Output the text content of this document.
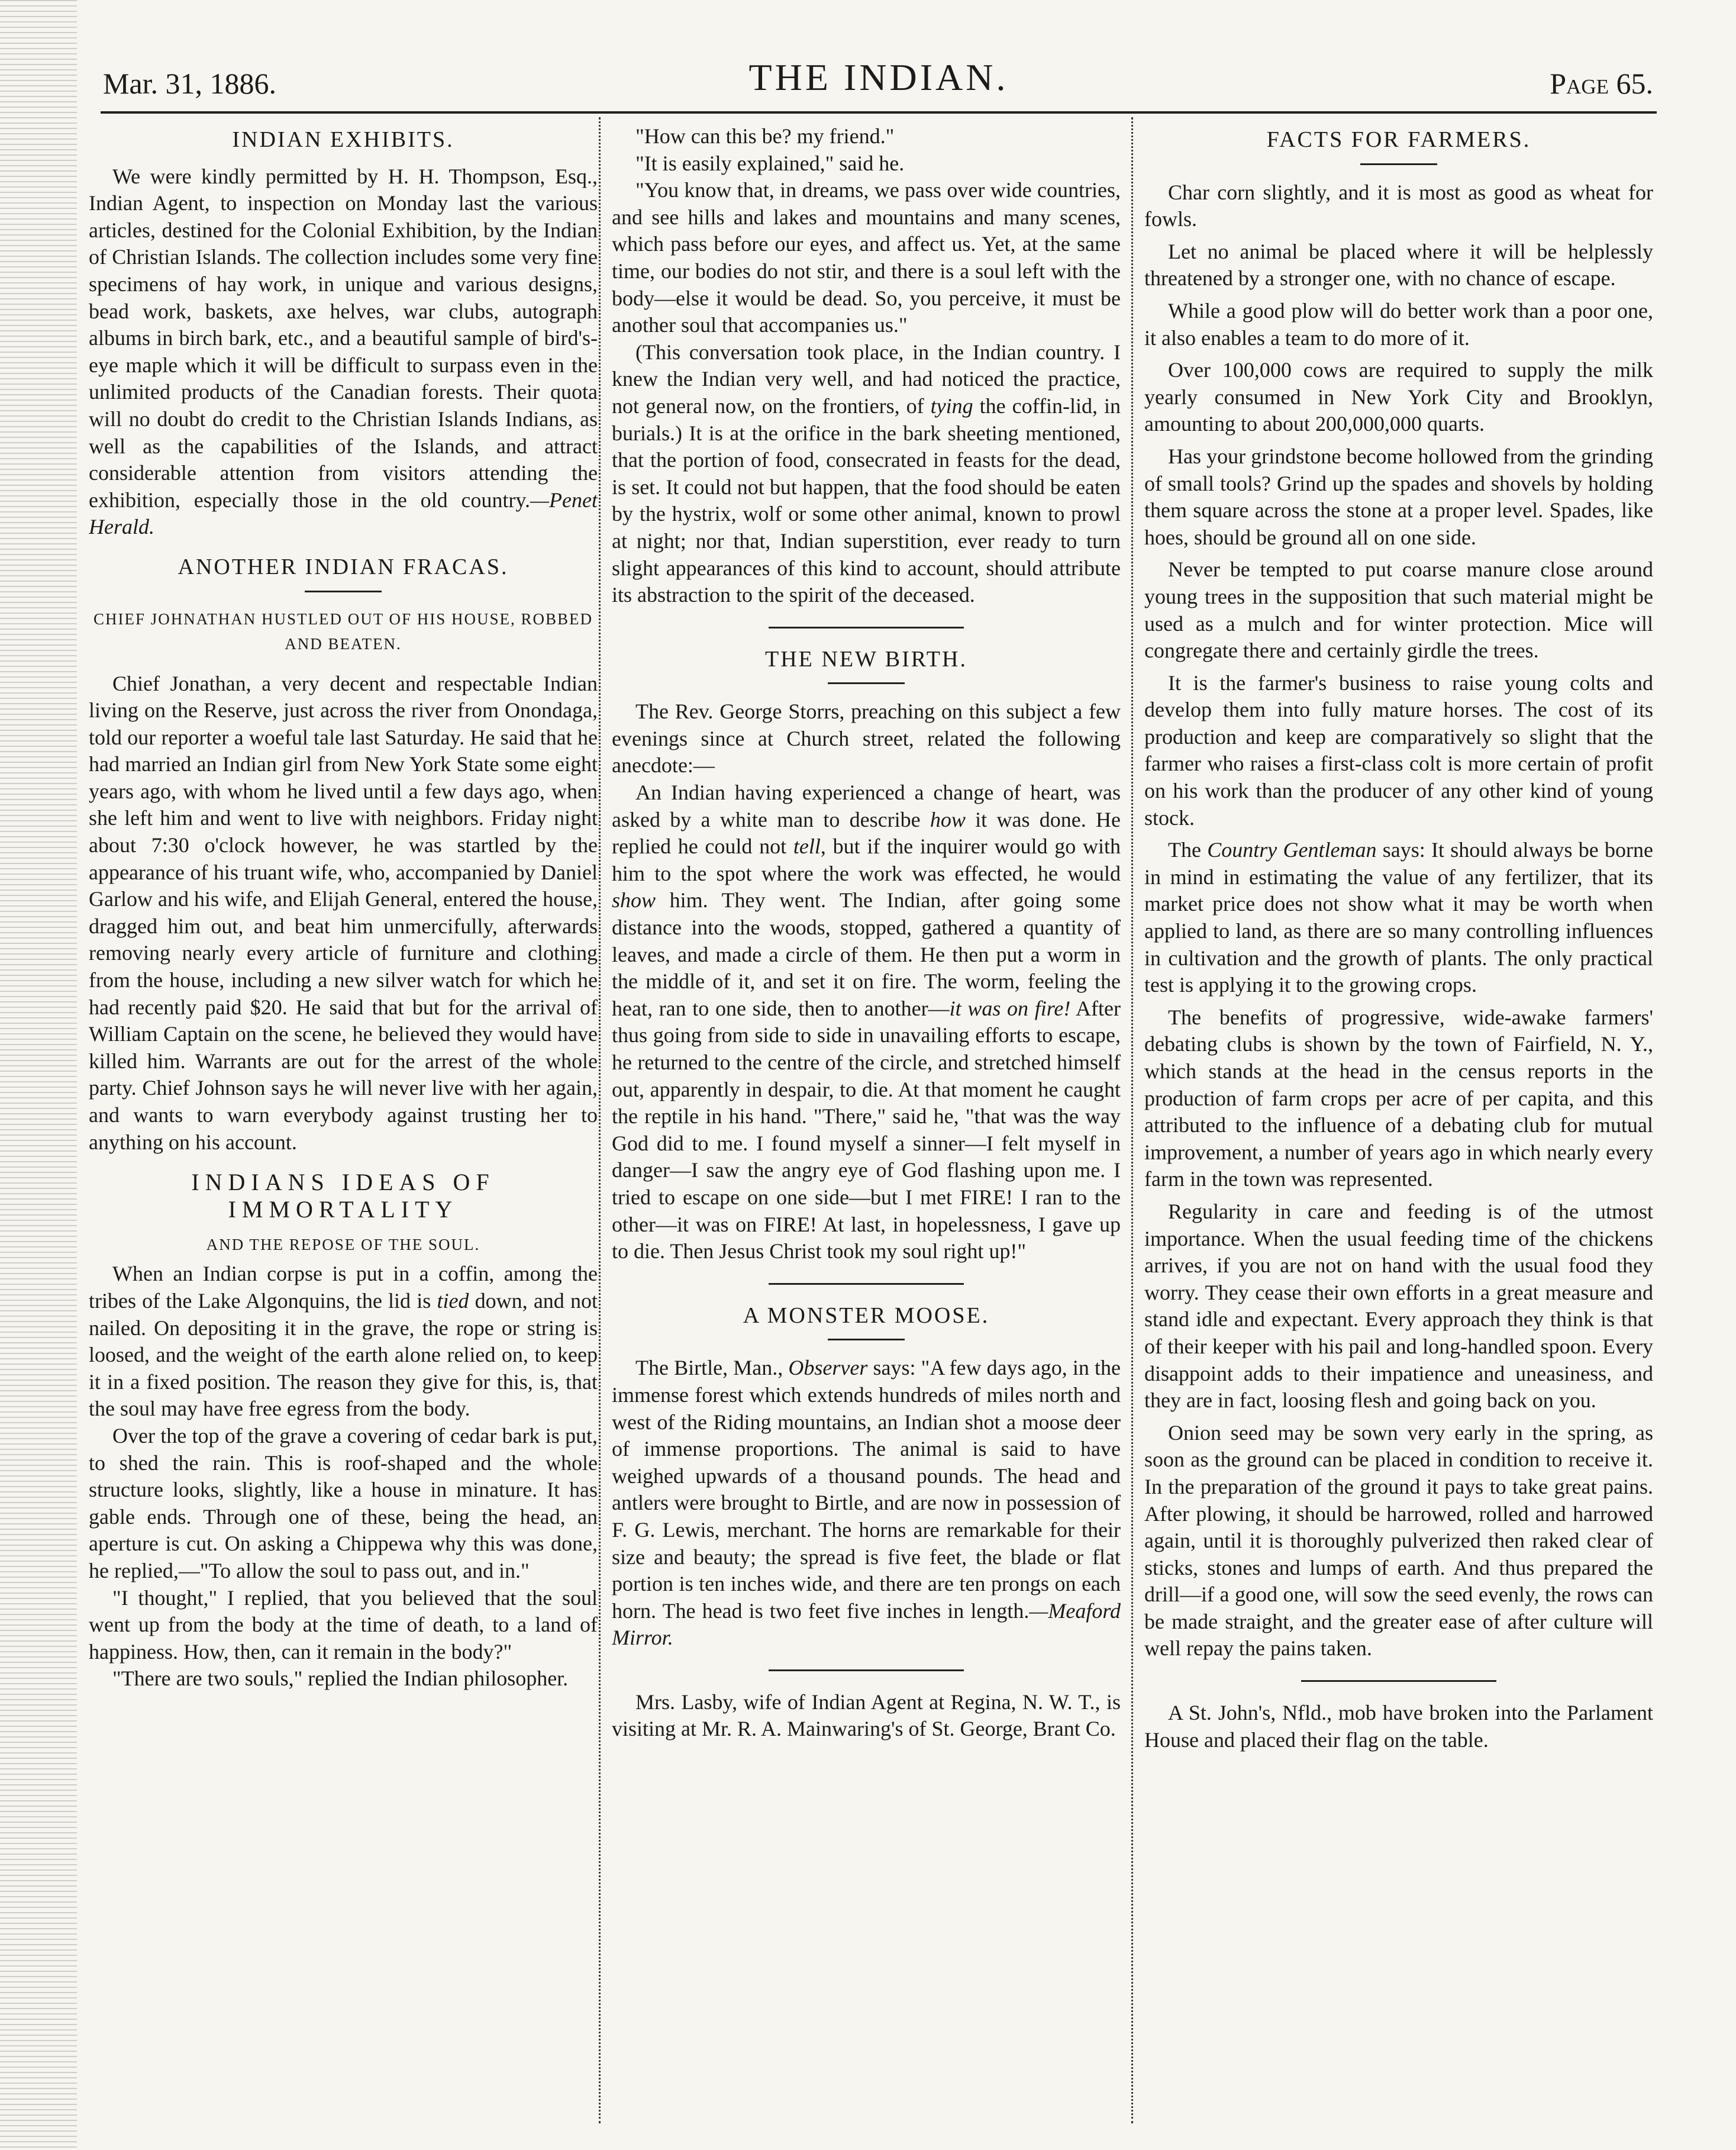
Mar. 31, 1886.	THE INDIAN.	Page 65.
INDIAN EXHIBITS.

We were kindly permitted by H. H. Thompson, Esq., Indian Agent, to inspection on Monday last the various articles, destined for the Colonial Exhibition, by the Indian of Christian Islands. The collection includes some very fine specimens of hay work, in unique and various designs, bead work, baskets, axe helves, war clubs, autograph albums in birch bark, etc., and a beautiful sample of bird's-eye maple which it will be difficult to surpass even in the unlimited products of the Canadian forests. Their quota will no doubt do credit to the Christian Islands Indians, as well as the capabilities of the Islands, and attract considerable attention from visitors attending the exhibition, especially those in the old country.—Penet Herald.

ANOTHER INDIAN FRACAS.

CHIEF JOHNATHAN HUSTLED OUT OF HIS HOUSE, ROBBED AND BEATEN.

Chief Jonathan, a very decent and respectable Indian living on the Reserve, just across the river from Onondaga, told our reporter a woeful tale last Saturday. He said that he had married an Indian girl from New York State some eight years ago, with whom he lived until a few days ago, when she left him and went to live with neighbors. Friday night about 7:30 o'clock however, he was startled by the appearance of his truant wife, who, accompanied by Daniel Garlow and his wife, and Elijah General, entered the house, dragged him out, and beat him unmercifully, afterwards removing nearly every article of furniture and clothing from the house, including a new silver watch for which he had recently paid $20. He said that but for the arrival of William Captain on the scene, he believed they would have killed him. Warrants are out for the arrest of the whole party. Chief Johnson says he will never live with her again, and wants to warn everybody against trusting her to anything on his account.

INDIANS IDEAS OF IMMORTALITY

AND THE REPOSE OF THE SOUL.

When an Indian corpse is put in a coffin, among the tribes of the Lake Algonquins, the lid is tied down, and not nailed. On depositing it in the grave, the rope or string is loosed, and the weight of the earth alone relied on, to keep it in a fixed position. The reason they give for this, is, that the soul may have free egress from the body.

Over the top of the grave a covering of cedar bark is put, to shed the rain. This is roof-shaped and the whole structure looks, slightly, like a house in minature. It has gable ends. Through one of these, being the head, an aperture is cut. On asking a Chippewa why this was done, he replied,—"To allow the soul to pass out, and in."

"I thought," I replied, that you believed that the soul went up from the body at the time of death, to a land of happiness. How, then, can it remain in the body?"

"There are two souls," replied the Indian philosopher.

"How can this be? my friend."

"It is easily explained," said he.

"You know that, in dreams, we pass over wide countries, and see hills and lakes and mountains and many scenes, which pass before our eyes, and affect us. Yet, at the same time, our bodies do not stir, and there is a soul left with the body—else it would be dead. So, you perceive, it must be another soul that accompanies us."

(This conversation took place, in the Indian country. I knew the Indian very well, and had noticed the practice, not general now, on the frontiers, of tying the coffin-lid, in burials.) It is at the orifice in the bark sheeting mentioned, that the portion of food, consecrated in feasts for the dead, is set. It could not but happen, that the food should be eaten by the hystrix, wolf or some other animal, known to prowl at night; nor that, Indian superstition, ever ready to turn slight appearances of this kind to account, should attribute its abstraction to the spirit of the deceased.

THE NEW BIRTH.

The Rev. George Storrs, preaching on this subject a few evenings since at Church street, related the following anecdote:—

An Indian having experienced a change of heart, was asked by a white man to describe how it was done. He replied he could not tell, but if the inquirer would go with him to the spot where the work was effected, he would show him. They went. The Indian, after going some distance into the woods, stopped, gathered a quantity of leaves, and made a circle of them. He then put a worm in the middle of it, and set it on fire. The worm, feeling the heat, ran to one side, then to another—it was on fire! After thus going from side to side in unavailing efforts to escape, he returned to the centre of the circle, and stretched himself out, apparently in despair, to die. At that moment he caught the reptile in his hand. "There," said he, "that was the way God did to me. I found myself a sinner—I felt myself in danger—I saw the angry eye of God flashing upon me. I tried to escape on one side—but I met FIRE! I ran to the other—it was on FIRE! At last, in hopelessness, I gave up to die. Then Jesus Christ took my soul right up!"

A MONSTER MOOSE.

The Birtle, Man., Observer says: "A few days ago, in the immense forest which extends hundreds of miles north and west of the Riding mountains, an Indian shot a moose deer of immense proportions. The animal is said to have weighed upwards of a thousand pounds. The head and antlers were brought to Birtle, and are now in possession of F. G. Lewis, merchant. The horns are remarkable for their size and beauty; the spread is five feet, the blade or flat portion is ten inches wide, and there are ten prongs on each horn. The head is two feet five inches in length.—Meaford Mirror.

Mrs. Lasby, wife of Indian Agent at Regina, N. W. T., is visiting at Mr. R. A. Mainwaring's of St. George, Brant Co.

FACTS FOR FARMERS.

Char corn slightly, and it is most as good as wheat for fowls.

Let no animal be placed where it will be helplessly threatened by a stronger one, with no chance of escape.

While a good plow will do better work than a poor one, it also enables a team to do more of it.

Over 100,000 cows are required to supply the milk yearly consumed in New York City and Brooklyn, amounting to about 200,000,000 quarts.

Has your grindstone become hollowed from the grinding of small tools? Grind up the spades and shovels by holding them square across the stone at a proper level. Spades, like hoes, should be ground all on one side.

Never be tempted to put coarse manure close around young trees in the supposition that such material might be used as a mulch and for winter protection. Mice will congregate there and certainly girdle the trees.

It is the farmer's business to raise young colts and develop them into fully mature horses. The cost of its production and keep are comparatively so slight that the farmer who raises a first-class colt is more certain of profit on his work than the producer of any other kind of young stock.

The Country Gentleman says: It should always be borne in mind in estimating the value of any fertilizer, that its market price does not show what it may be worth when applied to land, as there are so many controlling influences in cultivation and the growth of plants. The only practical test is applying it to the growing crops.

The benefits of progressive, wide-awake farmers' debating clubs is shown by the town of Fairfield, N. Y., which stands at the head in the census reports in the production of farm crops per acre of per capita, and this attributed to the influence of a debating club for mutual improvement, a number of years ago in which nearly every farm in the town was represented.

Regularity in care and feeding is of the utmost importance. When the usual feeding time of the chickens arrives, if you are not on hand with the usual food they worry. They cease their own efforts in a great measure and stand idle and expectant. Every approach they think is that of their keeper with his pail and long-handled spoon. Every disappoint adds to their impatience and uneasiness, and they are in fact, loosing flesh and going back on you.

Onion seed may be sown very early in the spring, as soon as the ground can be placed in condition to receive it. In the preparation of the ground it pays to take great pains. After plowing, it should be harrowed, rolled and harrowed again, until it is thoroughly pulverized then raked clear of sticks, stones and lumps of earth. And thus prepared the drill—if a good one, will sow the seed evenly, the rows can be made straight, and the greater ease of after culture will well repay the pains taken.

A St. John's, Nfld., mob have broken into the Parlament House and placed their flag on the table.
